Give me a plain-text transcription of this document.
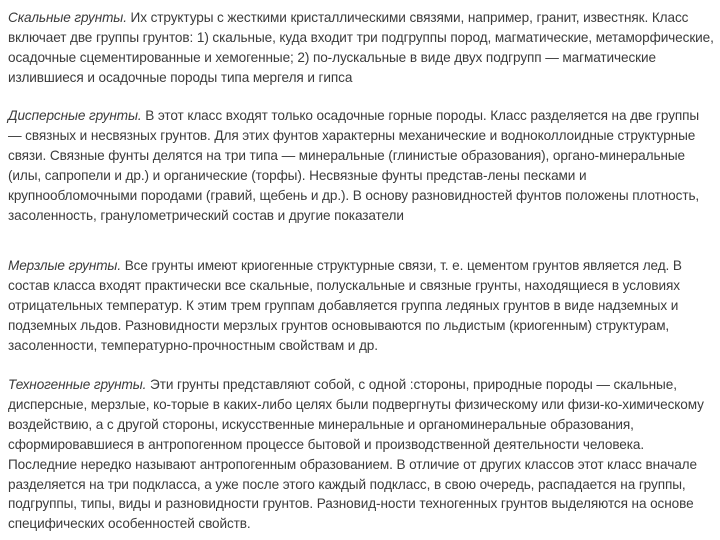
Скальные грунты. Их структуры с жесткими кристаллическими связями, например, гранит, известняк. Класс включает две группы грунтов: 1) скальные, куда входит три подгруппы пород, магматические, метаморфические, осадочные сцементированные и хемогенные; 2) по-лускальные в виде двух подгрупп — магматические излившиеся и осадочные породы типа мергеля и гипса

Дисперсные грунты. В этот класс входят только осадочные горные породы. Класс разделяется на две группы — связных и несвязных грунтов. Для этих фунтов характерны механические и водноколлоидные структурные связи. Связные фунты делятся на три типа — минеральные (глинистые образования), органо-минеральные (илы, сапропели и др.) и органические (торфы). Несвязные фунты представ-лены песками и крупнообломочными породами (гравий, щебень и др.). В основу разновидностей фунтов положены плотность, засоленность, гранулометрический состав и другие показатели

Мерзлые грунты. Все грунты имеют криогенные структурные связи, т. е. цементом грунтов является лед. В состав класса входят практически все скальные, полускальные и связные грунты, находящиеся в условиях отрицательных температур. К этим трем группам добавляется группа ледяных грунтов в виде надземных и подземных льдов. Разновидности мерзлых грунтов основываются по льдистым (криогенным) структурам, засоленности, температурно-прочностным свойствам и др.

Техногенные грунты. Эти грунты представляют собой, с одной :стороны, природные породы — скальные, дисперсные, мерзлые, ко-торые в каких-либо целях были подвергнуты физическому или физи-ко-химическому воздействию, а с другой стороны, искусственные минеральные и органоминеральные образования, сформировавшиеся в антропогенном процессе бытовой и производственной деятельности человека. Последние нередко называют антропогенным образованием. В отличие от других классов этот класс вначале разделяется на три подкласса, а уже после этого каждый подкласс, в свою очередь, распадается на группы, подгруппы, типы, виды и разновидности грунтов. Разновид-ности техногенных грунтов выделяются на основе специфических особенностей свойств.
